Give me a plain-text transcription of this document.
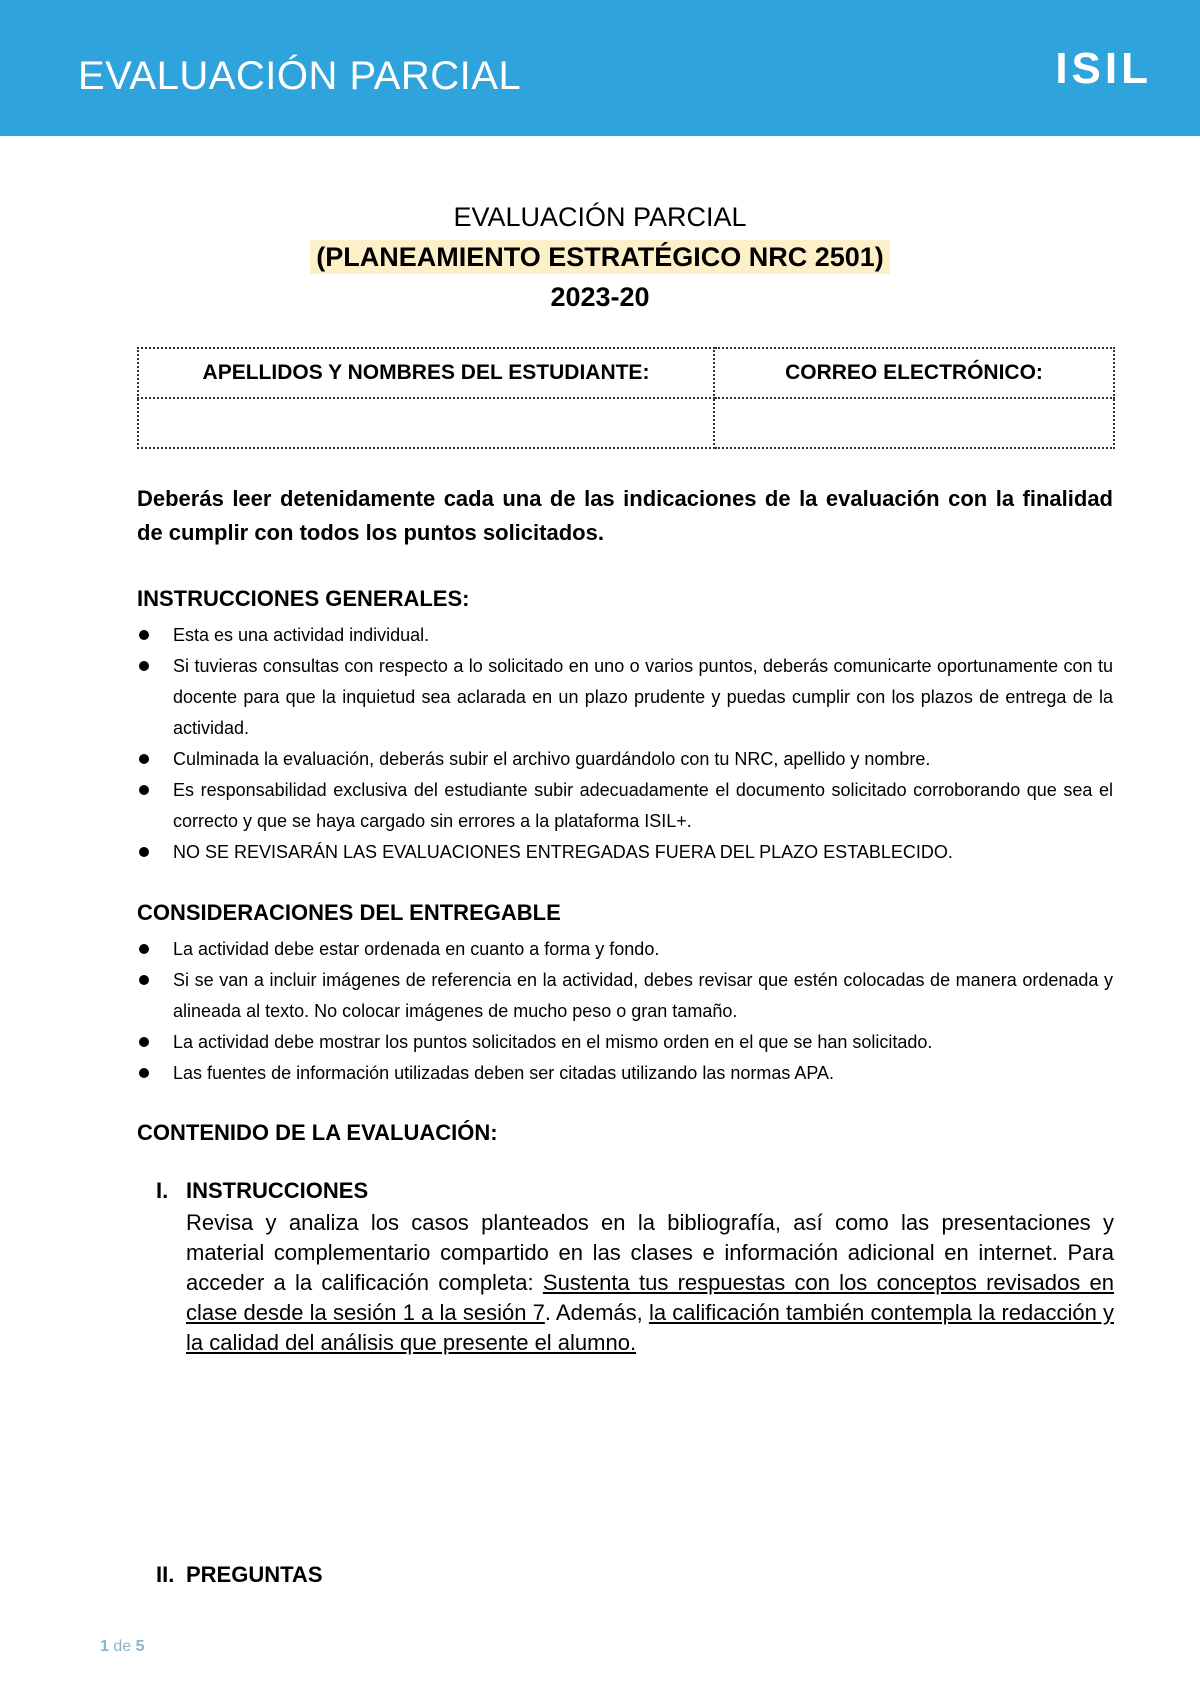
EVALUACIÓN PARCIAL	ISIL
EVALUACIÓN PARCIAL
(PLANEAMIENTO ESTRATÉGICO NRC 2501)
2023-20
APELLIDOS Y NOMBRES DEL ESTUDIANTE:	CORREO ELECTRÓNICO:

Deberás leer detenidamente cada una de las indicaciones de la evaluación con la finalidad de cumplir con todos los puntos solicitados.
INSTRUCCIONES GENERALES:
Esta es una actividad individual.
Si tuvieras consultas con respecto a lo solicitado en uno o varios puntos, deberás comunicarte oportunamente con tu docente para que la inquietud sea aclarada en un plazo prudente y puedas cumplir con los plazos de entrega de la actividad.
Culminada la evaluación, deberás subir el archivo guardándolo con tu NRC, apellido y nombre.
Es responsabilidad exclusiva del estudiante subir adecuadamente el documento solicitado corroborando que sea el correcto y que se haya cargado sin errores a la plataforma ISIL+.
NO SE REVISARÁN LAS EVALUACIONES ENTREGADAS FUERA DEL PLAZO ESTABLECIDO.
CONSIDERACIONES DEL ENTREGABLE
La actividad debe estar ordenada en cuanto a forma y fondo.
Si se van a incluir imágenes de referencia en la actividad, debes revisar que estén colocadas de manera ordenada y alineada al texto. No colocar imágenes de mucho peso o gran tamaño.
La actividad debe mostrar los puntos solicitados en el mismo orden en el que se han solicitado.
Las fuentes de información utilizadas deben ser citadas utilizando las normas APA.
CONTENIDO DE LA EVALUACIÓN:
I. INSTRUCCIONES
Revisa y analiza los casos planteados en la bibliografía, así como las presentaciones y material complementario compartido en las clases e información adicional en internet. Para acceder a la calificación completa: Sustenta tus respuestas con los conceptos revisados en clase desde la sesión 1 a la sesión 7. Además, la calificación también contempla la redacción y la calidad del análisis que presente el alumno.
II. PREGUNTAS
1 de 5
